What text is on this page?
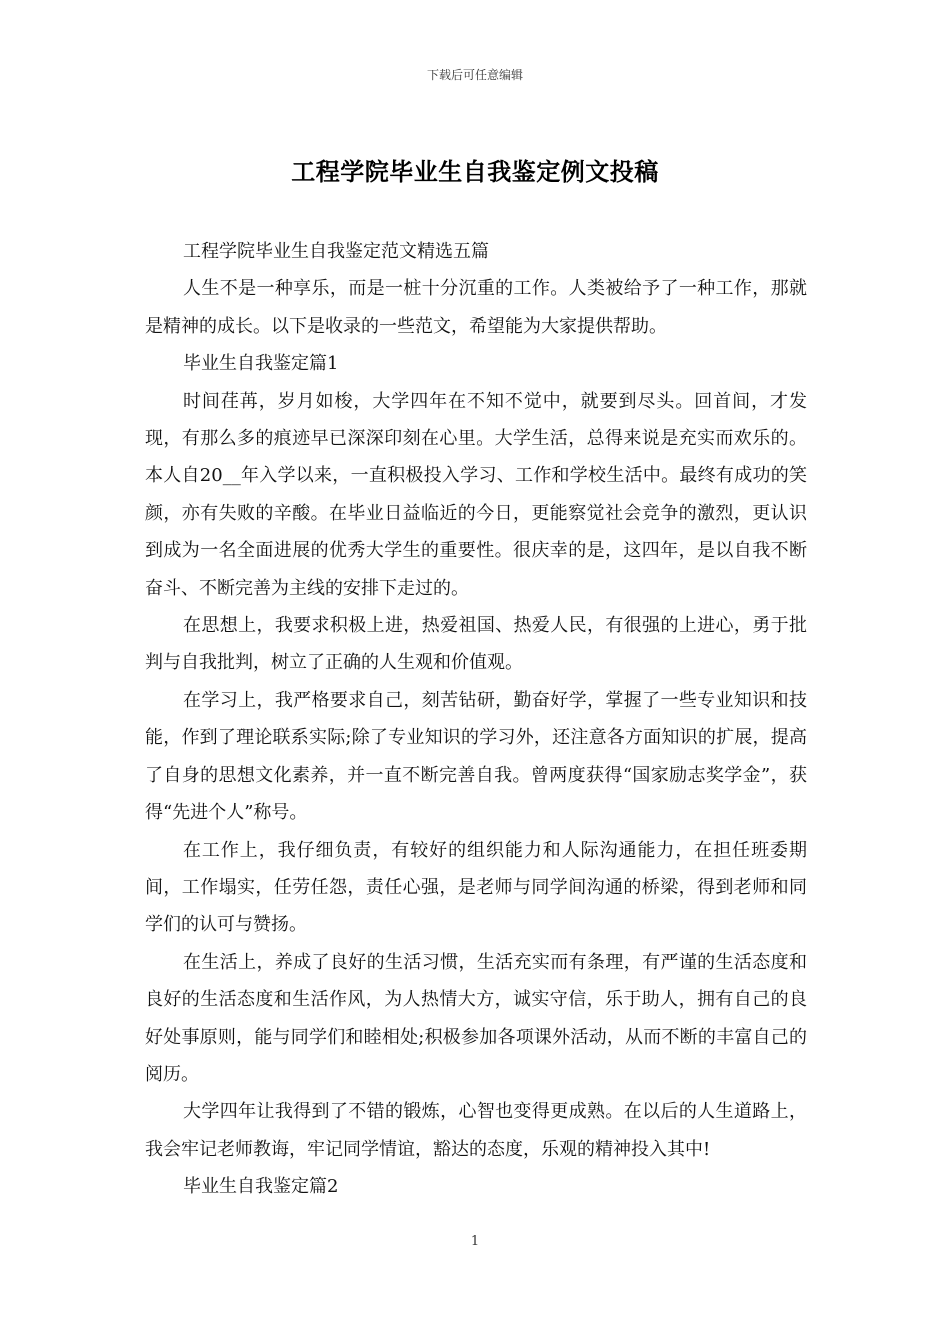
下载后可任意编辑
工程学院毕业生自我鉴定例文投稿

工程学院毕业生自我鉴定范文精选五篇

人生不是一种享乐，而是一桩十分沉重的工作。人类被给予了一种工作，那就是精神的成长。以下是收录的一些范文，希望能为大家提供帮助。

毕业生自我鉴定篇1

时间荏苒，岁月如梭，大学四年在不知不觉中，就要到尽头。回首间，才发现，有那么多的痕迹早已深深印刻在心里。大学生活，总得来说是充实而欢乐的。本人自20__年入学以来，一直积极投入学习、工作和学校生活中。最终有成功的笑颜，亦有失败的辛酸。在毕业日益临近的今日，更能察觉社会竞争的激烈，更认识到成为一名全面进展的优秀大学生的重要性。很庆幸的是，这四年，是以自我不断奋斗、不断完善为主线的安排下走过的。

在思想上，我要求积极上进，热爱祖国、热爱人民，有很强的上进心，勇于批判与自我批判，树立了正确的人生观和价值观。

在学习上，我严格要求自己，刻苦钻研，勤奋好学，掌握了一些专业知识和技能，作到了理论联系实际;除了专业知识的学习外，还注意各方面知识的扩展，提高了自身的思想文化素养，并一直不断完善自我。曾两度获得“国家励志奖学金”，获得“先进个人”称号。

在工作上，我仔细负责，有较好的组织能力和人际沟通能力，在担任班委期间，工作塌实，任劳任怨，责任心强，是老师与同学间沟通的桥梁，得到老师和同学们的认可与赞扬。

在生活上，养成了良好的生活习惯，生活充实而有条理，有严谨的生活态度和良好的生活态度和生活作风，为人热情大方，诚实守信，乐于助人，拥有自己的良好处事原则，能与同学们和睦相处;积极参加各项课外活动，从而不断的丰富自己的阅历。

大学四年让我得到了不错的锻炼，心智也变得更成熟。在以后的人生道路上，我会牢记老师教诲，牢记同学情谊，豁达的态度，乐观的精神投入其中!

毕业生自我鉴定篇2

1
